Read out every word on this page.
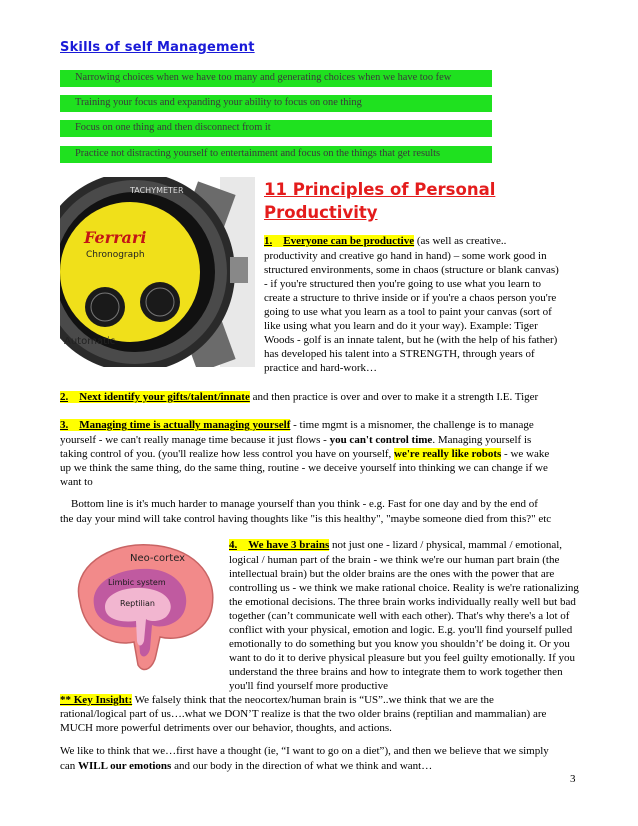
Skills of self Management
Narrowing choices when we have too many and generating choices when we have too few
Training your focus and expanding your ability to focus on one thing
Focus on one thing and then disconnect from it
Practice not distracting yourself to entertainment and focus on the things that get results
Ferrari
Chronograph
Automatic
TACHYMETER	11 Principles of Personal
Productivity
1. Everyone can be productive (as well as creative..
productivity and creative go hand in hand) – some work good in
structured environments, some in chaos (structure or blank canvas)
- if you're structured then you're going to use what you learn to
create a structure to thrive inside or if you're a chaos person you're
going to use what you learn as a tool to paint your canvas (sort of
like using what you learn and do it your way). Example: Tiger
Woods - golf is an innate talent, but he (with the help of his father)
has developed his talent into a STRENGTH, through years of
practice and hard-work…
2. Next identify your gifts/talent/innate and then practice is over and over to make it a strength I.E. Tiger
3. Managing time is actually managing yourself - time mgmt is a misnomer, the challenge is to manage
yourself - we can't really manage time because it just flows - you can't control time. Managing yourself is
taking control of you. (you'll realize how less control you have on yourself, we're really like robots - we wake
up we think the same thing, do the same thing, routine - we deceive yourself into thinking we can change if we
want to
Bottom line is it's much harder to manage yourself than you think - e.g. Fast for one day and by the end of
the day your mind will take control having thoughts like "is this healthy", "maybe someone died from this?" etc
Neo-cortex
Limbic system
Reptilian
4. We have 3 brains not just one - lizard / physical, mammal / emotional,
logical / human part of the brain - we think we're our human part brain (the
intellectual brain) but the older brains are the ones with the power that are
controlling us - we think we make rational choice. Reality is we're rationalizing
the emotional decisions. The three brain works individually really well but bad
together (can’t communicate well with each other). That's why there's a lot of
conflict with your physical, emotion and logic. E.g. you'll find yourself pulled
emotionally to do something but you know you shouldn’t' be doing it. Or you
want to do it to derive physical pleasure but you feel guilty emotionally. If you
understand the three brains and how to integrate them to work together then
you'll find yourself more productive
** Key Insight: We falsely think that the neocortex/human brain is “US”..we think that we are the
rational/logical part of us….what we DON’T realize is that the two older brains (reptilian and mammalian) are
MUCH more powerful detriments over our behavior, thoughts, and actions.
We like to think that we…first have a thought (ie, “I want to go on a diet”), and then we believe that we simply
can WILL our emotions and our body in the direction of what we think and want…
3
